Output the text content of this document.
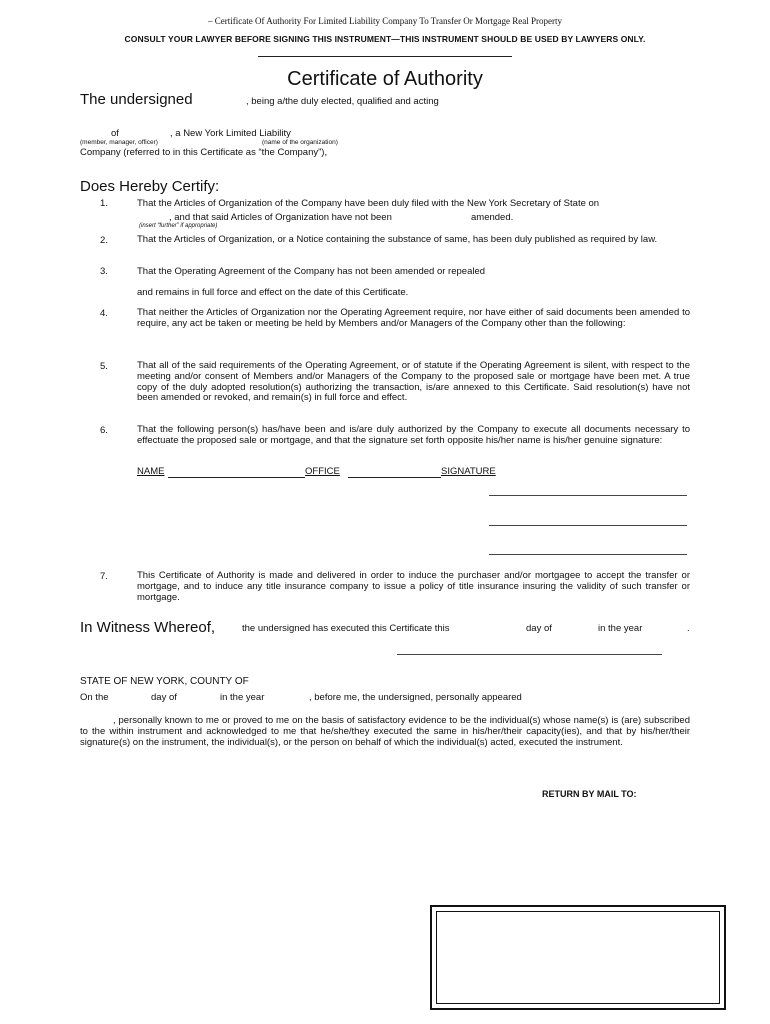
– Certificate Of Authority For Limited Liability Company To Transfer Or Mortgage Real Property
CONSULT YOUR LAWYER BEFORE SIGNING THIS INSTRUMENT—THIS INSTRUMENT SHOULD BE USED BY LAWYERS ONLY.
Certificate of Authority
The undersigned	, being a/the duly elected, qualified and acting
of	, a New York Limited Liability
(member, manager, officer)	(name of the organization)
Company (referred to in this Certificate as “the Company”),
Does Hereby Certify:
1.	That the Articles of Organization of the Company have been duly filed with the New York Secretary of State on
, and that said Articles of Organization have not been	amended.
(insert “further” if appropriate)
2.	That the Articles of Organization, or a Notice containing the substance of same, has been duly published as required by law.
3.	That the Operating Agreement of the Company has not been amended or repealed
and remains in full force and effect on the date of this Certificate.
4.	That neither the Articles of Organization nor the Operating Agreement require, nor have either of said documents been amended to require, any act be taken or meeting be held by Members and/or Managers of the Company other than the following:
5.	That all of the said requirements of the Operating Agreement, or of statute if the Operating Agreement is silent, with respect to the meeting and/or consent of Members and/or Managers of the Company to the proposed sale or mortgage have been met. A true copy of the duly adopted resolution(s) authorizing the transaction, is/are annexed to this Certificate. Said resolution(s) have not been amended or revoked, and remain(s) in full force and effect.
6.	That the following person(s) has/have been and is/are duly authorized by the Company to execute all documents necessary to effectuate the proposed sale or mortgage, and that the signature set forth opposite his/her name is his/her genuine signature:
NAME	OFFICE	SIGNATURE
7.	This Certificate of Authority is made and delivered in order to induce the purchaser and/or mortgagee to accept the transfer or mortgage, and to induce any title insurance company to issue a policy of title insurance insuring the validity of such transfer or mortgage.
In Witness Whereof,	the undersigned has executed this Certificate this	day of	in the year	.
STATE OF NEW YORK, COUNTY OF
On the	day of	in the year	, before me, the undersigned, personally appeared
, personally known to me or proved to me on the basis of satisfactory evidence to be the individual(s) whose name(s) is (are) subscribed to the within instrument and acknowledged to me that he/she/they executed the same in his/her/their capacity(ies), and that by his/her/their signature(s) on the instrument, the individual(s), or the person on behalf of which the individual(s) acted, executed the instrument.
RETURN BY MAIL TO:
